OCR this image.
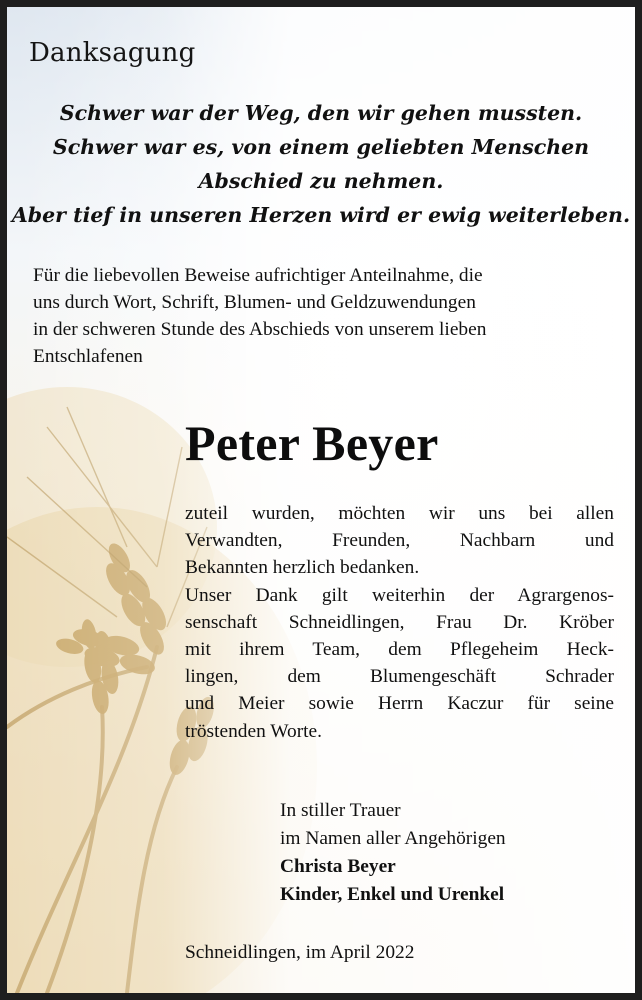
Danksagung
Schwer war der Weg, den wir gehen mussten.
Schwer war es, von einem geliebten Menschen
Abschied zu nehmen.
Aber tief in unseren Herzen wird er ewig weiterleben.
Für die liebevollen Beweise aufrichtiger Anteilnahme, die
uns durch Wort, Schrift, Blumen- und Geldzuwendungen
in der schweren Stunde des Abschieds von unserem lieben
Entschlafenen
Peter Beyer
zuteil wurden, möchten wir uns bei allen
Verwandten, Freunden, Nachbarn und
Bekannten herzlich bedanken.
Unser Dank gilt weiterhin der Agrargenos-
senschaft Schneidlingen, Frau Dr. Kröber
mit ihrem Team, dem Pflegeheim Heck-
lingen, dem Blumengeschäft Schrader
und Meier sowie Herrn Kaczur für seine
tröstenden Worte.
In stiller Trauer
im Namen aller Angehörigen
Christa Beyer
Kinder, Enkel und Urenkel
Schneidlingen, im April 2022
